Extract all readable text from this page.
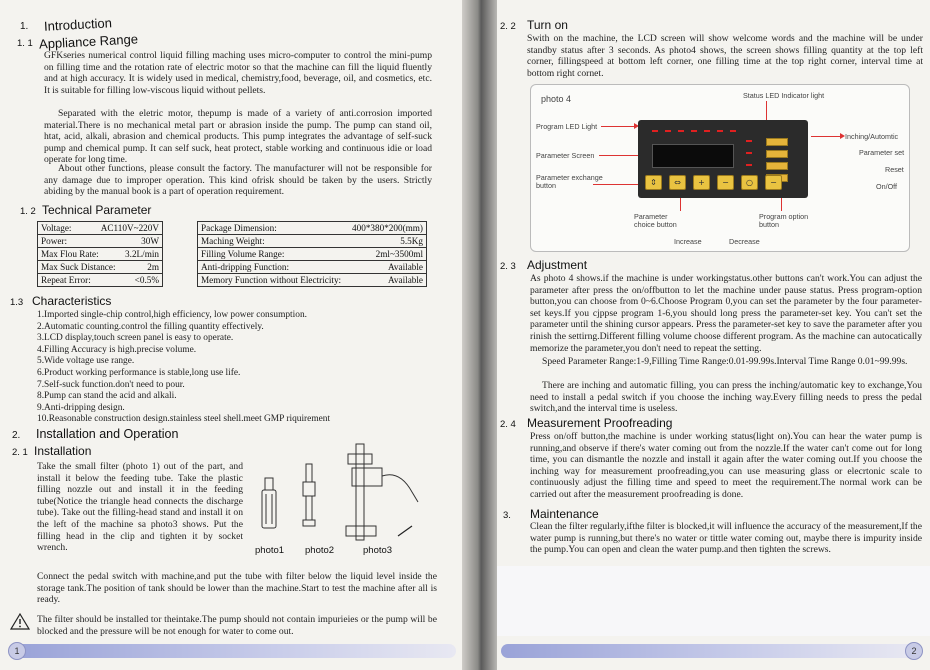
1. Introduction
1. 1 Appliance Range

GFKseries numerical control liquid filling maching uses micro-computer to control the mini-pump on filling time and the rotation rate of electric motor so that the machine can fill the liquid fluently and at high accuracy. It is widely used in medical, chemistry,food, beverage, oil, and cosmetics, etc. It is suitable for filling low-viscous liquid without pellets.

Separated with the eletric motor, thepump is made of a variety of anti.corrosion imported material.There is no mechanical metal part or abrasion inside the pump. The pump can stand oil, htat, acid, alkali, abrasion and chemical products. This pump integrates the advantage of self-suck pump and chemical pump. It can self suck, heat protect, stable working and continuous idie or load operate for long time.

About other functions, please consult the factory. The manufacturer will not be responsible for any damage due to improper operation. This kind ofrisk should be taken by the users. Strictly abiding by the manual book is a part of operation requirement.

1. 2 Technical Parameter
Voltage:	AC110V~220V

Power:	30W

Max Flou Rate:	3.2L/min

Max Suck Distance:	2m

Repeat Error:	<0.5%
Package Dimension:	400*380*200(mm)

Maching Weight:	5.5Kg

Filling Volume Range:	2ml~3500ml

Anti-dripping Function:	Available

Memory Function without Electricity:	Available
1.3 Characteristics
1.Imported single-chip control,high efficiency, low power consumption.
2.Automatic counting.control the filling quantity effectively.
3.LCD display,touch screen panel is easy to operate.
4.Filling Accuracy is high.precise volume.
5.Wide voltage use range.
6.Product working performance is stable,long use life.
7.Self-suck function.don't need to pour.
8.Pump can stand the acid and alkali.
9.Anti-dripping design.
10.Reasonable construction design.stainless steel shell.meet GMP riquirement
2. Installation and Operation
2. 1 Installation

Take the small filter (photo 1) out of the part, and install it below the feeding tube. Take the plastic filling nozzle out and install it in the feeding tube(Notice the triangle head connects the discharge tube). Take out the filling-head stand and install it on the left of the machine sa photo3 shows. Put the filling head in the clip and tighten it by socket wrench.	photo1 photo2	photo3

Connect the pedal switch with machine,and put the tube with filter below the liquid level inside the storage tank.The position of tank should be lower than the machine.Start to test the machine after all is ready.

The filter should be installed tor theintake.The pump should not contain impurieies or the pump will be blocked and the pressure will be not enough for water to come out.

1
2. 2 Turn on

Swith on the machine, the LCD screen will show welcome words and the machine will be under standby status after 3 seconds. As photo4 shows, the screen shows filling quantity at the top left corner, fillingspeed at bottom left corner, one filling time at the top right corner, interval time at bottom right cornet.

2. 3 Adjustment

As photo 4 shows.if the machine is under workingstatus.other buttons can't work.You can adjust the parameter after press the on/offbutton to let the machine under pause status. Press program-option button,you can choose from 0~6.Choose Program 0,you can set the parameter by the four parameter-set keys.If you cjppse program 1-6,you should long press the parameter-set key. You can't set the parameter until the shining cursor appears. Press the parameter-set key to save the parameter after you rinish the settirng.Different filling volume choose different program. As the machine can autocatically memorize the parameter,you don't need to repeat the setting.

Speed Parameter Range:1-9,Filling Time Range:0.01-99.99s.Interval Time Range 0.01~99.99s.

There are inching and automatic filling, you can press the inching/automatic key to exchange,You need to install a pedal switch if you choose the inching way.Every filling needs to press the pedal switch,and the interval time is useless.

2. 4 Measurement Proofreading

Press on/off button,the machine is under working status(light on).You can hear the water pump is running,and observe if there's water coming out from the nozzle.If the water can't come out for long time, you can dismantle the nozzle and install it again after the water coming out.If you choose the inching way for measurement proofreading,you can use measuring glass or elecrtonic scale to continuously adjust the filling time and speed to meet the requirement.The normal work can be carried out after the measurement proofreading is done.

3. Maintenance

Clean the filter regularly,ifthe filter is blocked,it will influence the accuracy of the measurement,If the water pump is running,but there's no water or tittle water coming out, maybe there is impurity inside the pump.You can open and clean the water pump.and then tighten the screws.

2
photo 4	Status LED Indicator light
Program LED Light
Parameter Screen
Parameter exchange button
Inching/Automtic
Parameter set
Reset
On/Off
Parameter choice button
Program option button
Increase	Decrease
⇕	⇔	+	−	○	−
